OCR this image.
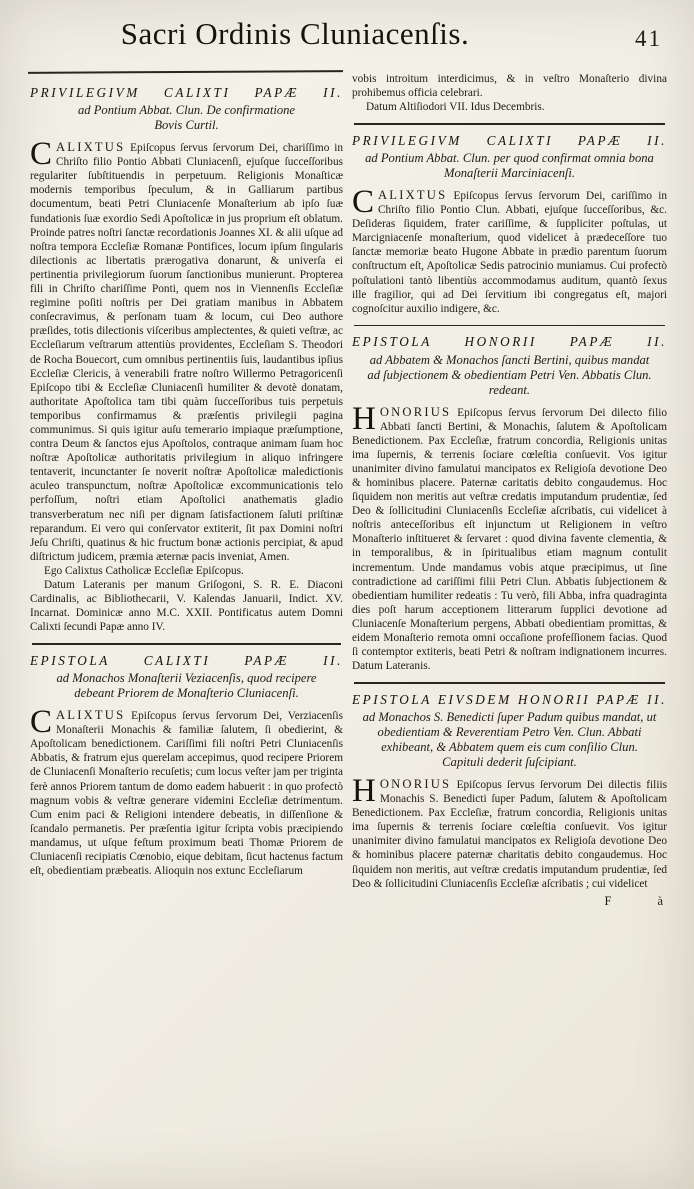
Sacri Ordinis Cluniacenſis.	41
PRIVILEGIVM CALIXTI PAPÆ II.
ad Pontium Abbat. Clun. De confirmatione
Bovis Curtil.

CALIXTUS Epiſcopus ſervus ſervorum Dei, chariſſimo in Chriſto filio Pontio Abbati Cluniacenſi, ejuſque ſucceſſoribus regulariter ſubſtituendis in perpetuum. Religionis Monaſticæ modernis temporibus ſpeculum, & in Galliarum partibus documentum, beati Petri Cluniacenſe Monaſterium ab ipſo ſuæ fundationis ſuæ exordio Sedi Apoſtolicæ in jus proprium eſt oblatum. Proinde patres noſtri ſanctæ recordationis Joannes XI. & alii uſque ad noſtra tempora Eccleſiæ Romanæ Pontifices, locum ipſum ſingularis dilectionis ac libertatis prærogativa donarunt, & univerſa ei pertinentia privilegiorum ſuorum ſanctionibus munierunt. Propterea fili in Chriſto chariſſime Ponti, quem nos in Viennenſis Eccleſiæ regimine poſiti noſtris per Dei gratiam manibus in Abbatem conſecravimus, & perſonam tuam & locum, cui Deo authore præſides, totis dilectionis viſceribus amplectentes, & quieti veſtræ, ac Eccleſiarum veſtrarum attentiùs providentes, Eccleſiam S. Theodori de Rocha Bouecort, cum omnibus pertinentiis ſuis, laudantibus ipſius Eccleſiæ Clericis, à venerabili fratre noſtro Willermo Petragoricenſi Epiſcopo tibi & Eccleſiæ Cluniacenſi humiliter & devotè donatam, authoritate Apoſtolica tam tibi quàm ſucceſſoribus tuis perpetuis temporibus confirmamus & præſentis privilegii pagina communimus. Si quis igitur auſu temerario impiaque præſumptione, contra Deum & ſanctos ejus Apoſtolos, contraque animam ſuam hoc noſtræ Apoſtolicæ authoritatis privilegium in aliquo infringere tentaverit, incunctanter ſe noverit noſtræ Apoſtolicæ maledictionis aculeo transpunctum, noſtræ Apoſtolicæ excommunicationis telo perfoſſum, noſtri etiam Apoſtolici anathematis gladio transverberatum nec niſi per dignam ſatisfactionem ſaluti priſtinæ reparandum. Ei vero qui conſervator extiterit, ſit pax Domini noſtri Jeſu Chriſti, quatinus & hic fructum bonæ actionis percipiat, & apud diſtrictum judicem, præmia æternæ pacis inveniat, Amen.

Ego Calixtus Catholicæ Eccleſiæ Epiſcopus.

Datum Lateranis per manum Griſogoni, S. R. E. Diaconi Cardinalis, ac Bibliothecarii, V. Kalendas Januarii, Indict. XV. Incarnat. Dominicæ anno M.C. XXII. Pontificatus autem Domni Calixti ſecundi Papæ anno IV.

EPISTOLA CALIXTI PAPÆ II.
ad Monachos Monaſterii Veziacenſis, quod recipere debeant Priorem de Monaſterio Cluniacenſi.

CALIXTUS Epiſcopus ſervus ſervorum Dei, Verziacenſis Monaſterii Monachis & familiæ ſalutem, ſi obedierint, & Apoſtolicam benedictionem. Cariſſimi fili noſtri Petri Cluniacenſis Abbatis, & fratrum ejus querelam accepimus, quod recipere Priorem de Cluniacenſi Monaſterio recuſetis; cum locus veſter jam per triginta ferè annos Priorem tantum de domo eadem habuerit : in quo profectò magnum vobis & veſtræ generare videmini Eccleſiæ detrimentum. Cum enim paci & Religioni intendere debeatis, in diſſenſione & ſcandalo permanetis. Per præſentia igitur ſcripta vobis præcipiendo mandamus, ut uſque feſtum proximum beati Thomæ Priorem de Cluniacenſi recipiatis Cœnobio, eique debitam, ſicut hactenus factum eſt, obedientiam præbeatis. Alioquin nos extunc Eccleſiarum

vobis introitum interdicimus, & in veſtro Monaſterio divina prohibemus officia celebrari.

Datum Altiſiodori VII. Idus Decembris.

PRIVILEGIVM CALIXTI PAPÆ II.
ad Pontium Abbat. Clun. per quod confirmat omnia bona Monaſterii Marciniacenſi.

CALIXTUS Epiſcopus ſervus ſervorum Dei, cariſſimo in Chriſto filio Pontio Clun. Abbati, ejuſque ſucceſſoribus, &c. Deſideras ſiquidem, frater cariſſime, & ſuppliciter poſtulas, ut Marcigniacenſe monaſterium, quod videlicet à prædeceſſore tuo ſanctæ memoriæ beato Hugone Abbate in prædio parentum ſuorum conſtructum eſt, Apoſtolicæ Sedis patrocinio muniamus. Cui profectò poſtulationi tantò libentiùs accommodamus auditum, quantò ſexus ille fragilior, qui ad Dei ſervitium ibi congregatus eſt, majori cognoſcitur auxilio indigere, &c.

EPISTOLA HONORII PAPÆ II.
ad Abbatem & Monachos ſancti Bertini, quibus mandat ad ſubjectionem & obedientiam Petri Ven. Abbatis Clun. redeant.

HONORIUS Epiſcopus ſervus ſervorum Dei dilecto filio Abbati ſancti Bertini, & Monachis, ſalutem & Apoſtolicam Benedictionem. Pax Eccleſiæ, fratrum concordia, Religionis unitas ima ſupernis, & terrenis ſociare cœleſtia conſuevit. Vos igitur unanimiter divino famulatui mancipatos ex Religioſa devotione Deo & hominibus placere. Paternæ caritatis debito congaudemus. Hoc ſiquidem non meritis aut veſtræ credatis imputandum prudentiæ, ſed Deo & ſollicitudini Cluniacenſis Eccleſiæ aſcribatis, cui videlicet à noſtris anteceſſoribus eſt injunctum ut Religionem in veſtro Monaſterio inſtitueret & ſervaret : quod divina favente clementia, & in temporalibus, & in ſpiritualibus etiam magnum contulit incrementum. Unde mandamus vobis atque præcipimus, ut ſine contradictione ad cariſſimi filii Petri Clun. Abbatis ſubjectionem & obedientiam humiliter redeatis : Tu verò, fili Abba, infra quadraginta dies poſt harum acceptionem litterarum ſupplici devotione ad Cluniacenſe Monaſterium pergens, Abbati obedientiam promittas, & eidem Monaſterio remota omni occaſione profeſſionem facias. Quod ſi contemptor extiteris, beati Petri & noſtram indignationem incurres. Datum Lateranis.

EPISTOLA EIVSDEM HONORII PAPÆ II.
ad Monachos S. Benedicti ſuper Padum quibus mandat, ut obedientiam & Reverentiam Petro Ven. Clun. Abbati exhibeant, & Abbatem quem eis cum conſilio Clun. Capituli dederit ſuſcipiant.

HONORIUS Epiſcopus ſervus ſervorum Dei dilectis filiis Monachis S. Benedicti ſuper Padum, ſalutem & Apoſtolicam Benedictionem. Pax Eccleſiæ, fratrum concordia, Religionis unitas ima ſupernis & terrenis ſociare cœleſtia conſuevit. Vos igitur unanimiter divino famulatui mancipatos ex Religioſa devotione Deo & hominibus placere paternæ charitatis debito congaudemus. Hoc ſiquidem non meritis, aut veſtræ credatis imputandum prudentiæ, ſed Deo & ſollicitudini Cluniacenſis Eccleſiæ aſcribatis ; cui videlicet

F	à
